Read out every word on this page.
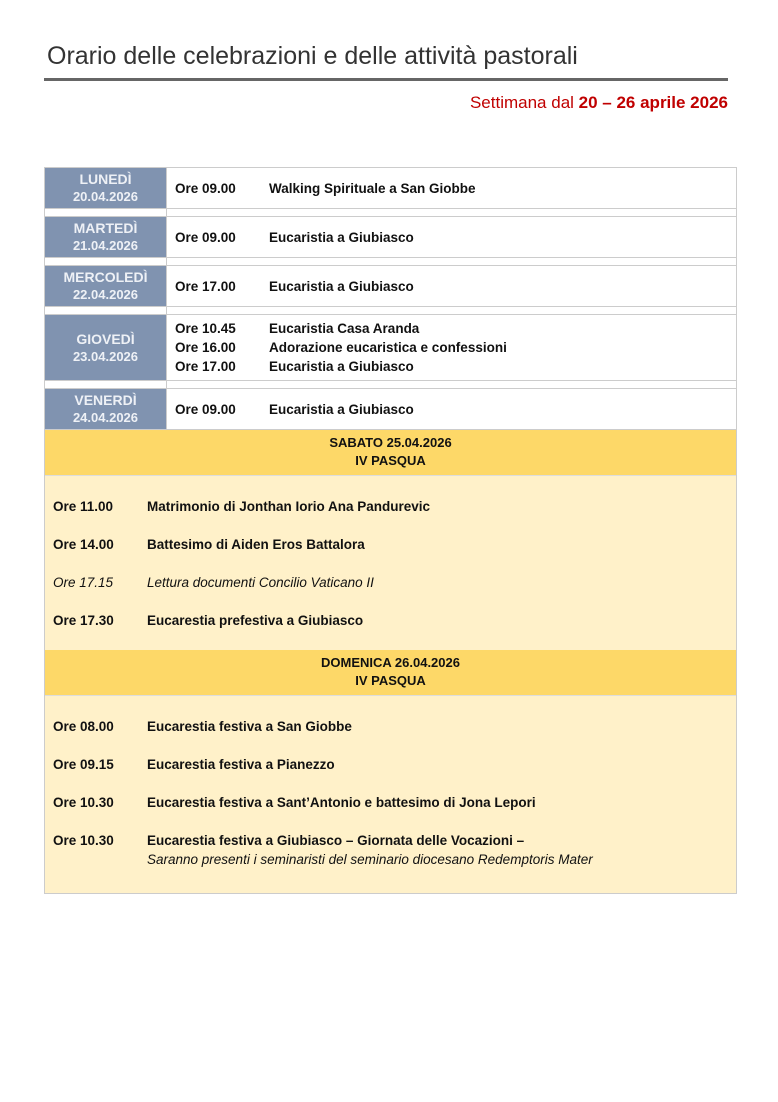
Orario delle celebrazioni e delle attività pastorali
Settimana dal 20 – 26 aprile 2026
LUNEDÌ
20.04.2026
Ore 09.00	Walking Spirituale a San Giobbe
MARTEDÌ
21.04.2026
Ore 09.00	Eucaristia a Giubiasco
MERCOLEDÌ
22.04.2026
Ore 17.00	Eucaristia a Giubiasco
GIOVEDÌ
23.04.2026
Ore 10.45	Eucaristia Casa Aranda
Ore 16.00	Adorazione eucaristica e confessioni
Ore 17.00	Eucaristia a Giubiasco
VENERDÌ
24.04.2026
Ore 09.00	Eucaristia a Giubiasco
SABATO 25.04.2026
IV PASQUA
Ore 11.00	Matrimonio di Jonthan Iorio Ana Pandurevic
Ore 14.00	Battesimo di Aiden Eros Battalora
Ore 17.15	Lettura documenti Concilio Vaticano II
Ore 17.30	Eucarestia prefestiva a Giubiasco
DOMENICA 26.04.2026
IV PASQUA
Ore 08.00	Eucarestia festiva a San Giobbe
Ore 09.15	Eucarestia festiva a Pianezzo
Ore 10.30	Eucarestia festiva a Sant’Antonio e battesimo di Jona Lepori
Ore 10.30	Eucarestia festiva a Giubiasco – Giornata delle Vocazioni –
Saranno presenti i seminaristi del seminario diocesano Redemptoris Mater
